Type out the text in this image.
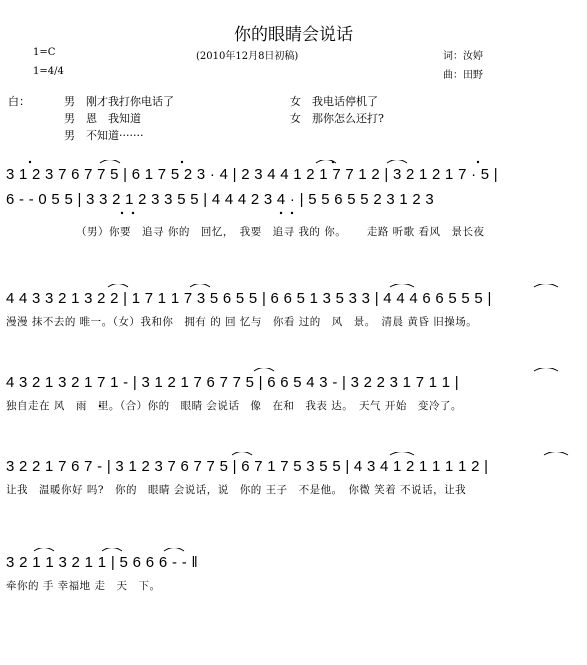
你的眼睛会说话
(2010年12月8日初稿)
1=C
1=4/4
词：汝婷
曲：田野
白：	男　刚才我打你电话了	女　我电话停机了
男　恩　我知道	女　那你怎么还打?
男　不知道·······
3 1 2 3 7 6 7 7 5 | 6 1 7 5 2 3 · 4 | 2 3 4 4 1 2 1 7 7 1 2 | 3 2 1 2 1 7 · 5 |
6 - - 0 5 5 | 3 3 2 1 2 3 3 5 5 | 4 4 4 2 3 4 · | 5 5 6 5 5 2 3 1 2 3
（男）你要　追寻 你的　回忆，　我要　追寻 我的 你。　　 走路 听歌 看风　景长夜
4 4 3 3 2 1 3 2 2 | 1 7 1 1 7 3 5 6 5 5 | 6 6 5 1 3 5 3 3 | 4 4 4 6 6 5 5 5 |
漫漫 抹不去的 唯一。（女）我和你　拥有 的 回 忆与　你看 过的　风　景。　清晨 黄昏 旧操场。
4 3 2 1 3 2 1 7 1 - | 3 1 2 1 7 6 7 7 5 | 6 6 5 4 3 - | 3 2 2 3 1 7 1 1 |
独自走在 风　雨　里。（合）你的　眼睛 会说话　像　在和　我表 达。　天气 开始　变冷了。
3 2 2 1 7 6 7 - | 3 1 2 3 7 6 7 7 5 | 6 7 1 7 5 3 5 5 | 4 3 4 1 2 1 1 1 1 2 |
让我　温暖你好 吗?　你的　眼睛 会说话，说　你的 王子　不是他。　你微 笑着 不说话，让我
3 2 1 1 3 2 1 1 | 5 6 6 6 - - ‖
牵你的 手 幸福地 走　天　下。
